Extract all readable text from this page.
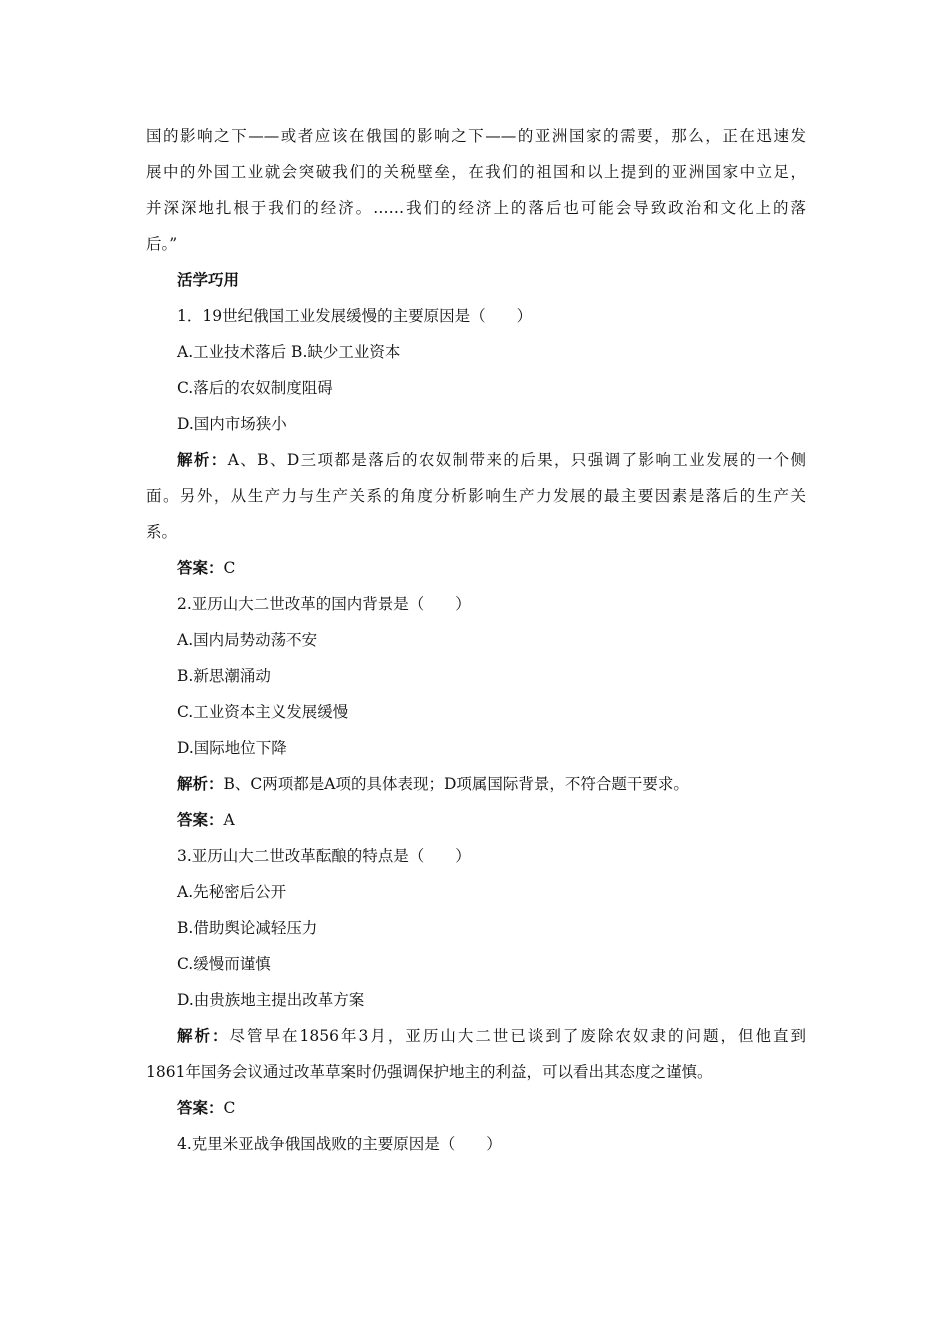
国的影响之下——或者应该在俄国的影响之下——的亚洲国家的需要，那么，正在迅速发
展中的外国工业就会突破我们的关税壁垒，在我们的祖国和以上提到的亚洲国家中立足，
并深深地扎根于我们的经济。……我们的经济上的落后也可能会导致政治和文化上的落
后。”
活学巧用
1．19世纪俄国工业发展缓慢的主要原因是（　　）
A.工业技术落后 B.缺少工业资本
C.落后的农奴制度阻碍
D.国内市场狭小
解析：A、B、D三项都是落后的农奴制带来的后果，只强调了影响工业发展的一个侧
面。另外，从生产力与生产关系的角度分析影响生产力发展的最主要因素是落后的生产关
系。
答案：C
2.亚历山大二世改革的国内背景是（　　）
A.国内局势动荡不安
B.新思潮涌动
C.工业资本主义发展缓慢
D.国际地位下降
解析：B、C两项都是A项的具体表现；D项属国际背景，不符合题干要求。
答案：A
3.亚历山大二世改革酝酿的特点是（　　）
A.先秘密后公开
B.借助舆论减轻压力
C.缓慢而谨慎
D.由贵族地主提出改革方案
解析：尽管早在1856年3月，亚历山大二世已谈到了废除农奴隶的问题，但他直到
1861年国务会议通过改革草案时仍强调保护地主的利益，可以看出其态度之谨慎。
答案：C
4.克里米亚战争俄国战败的主要原因是（　　）
